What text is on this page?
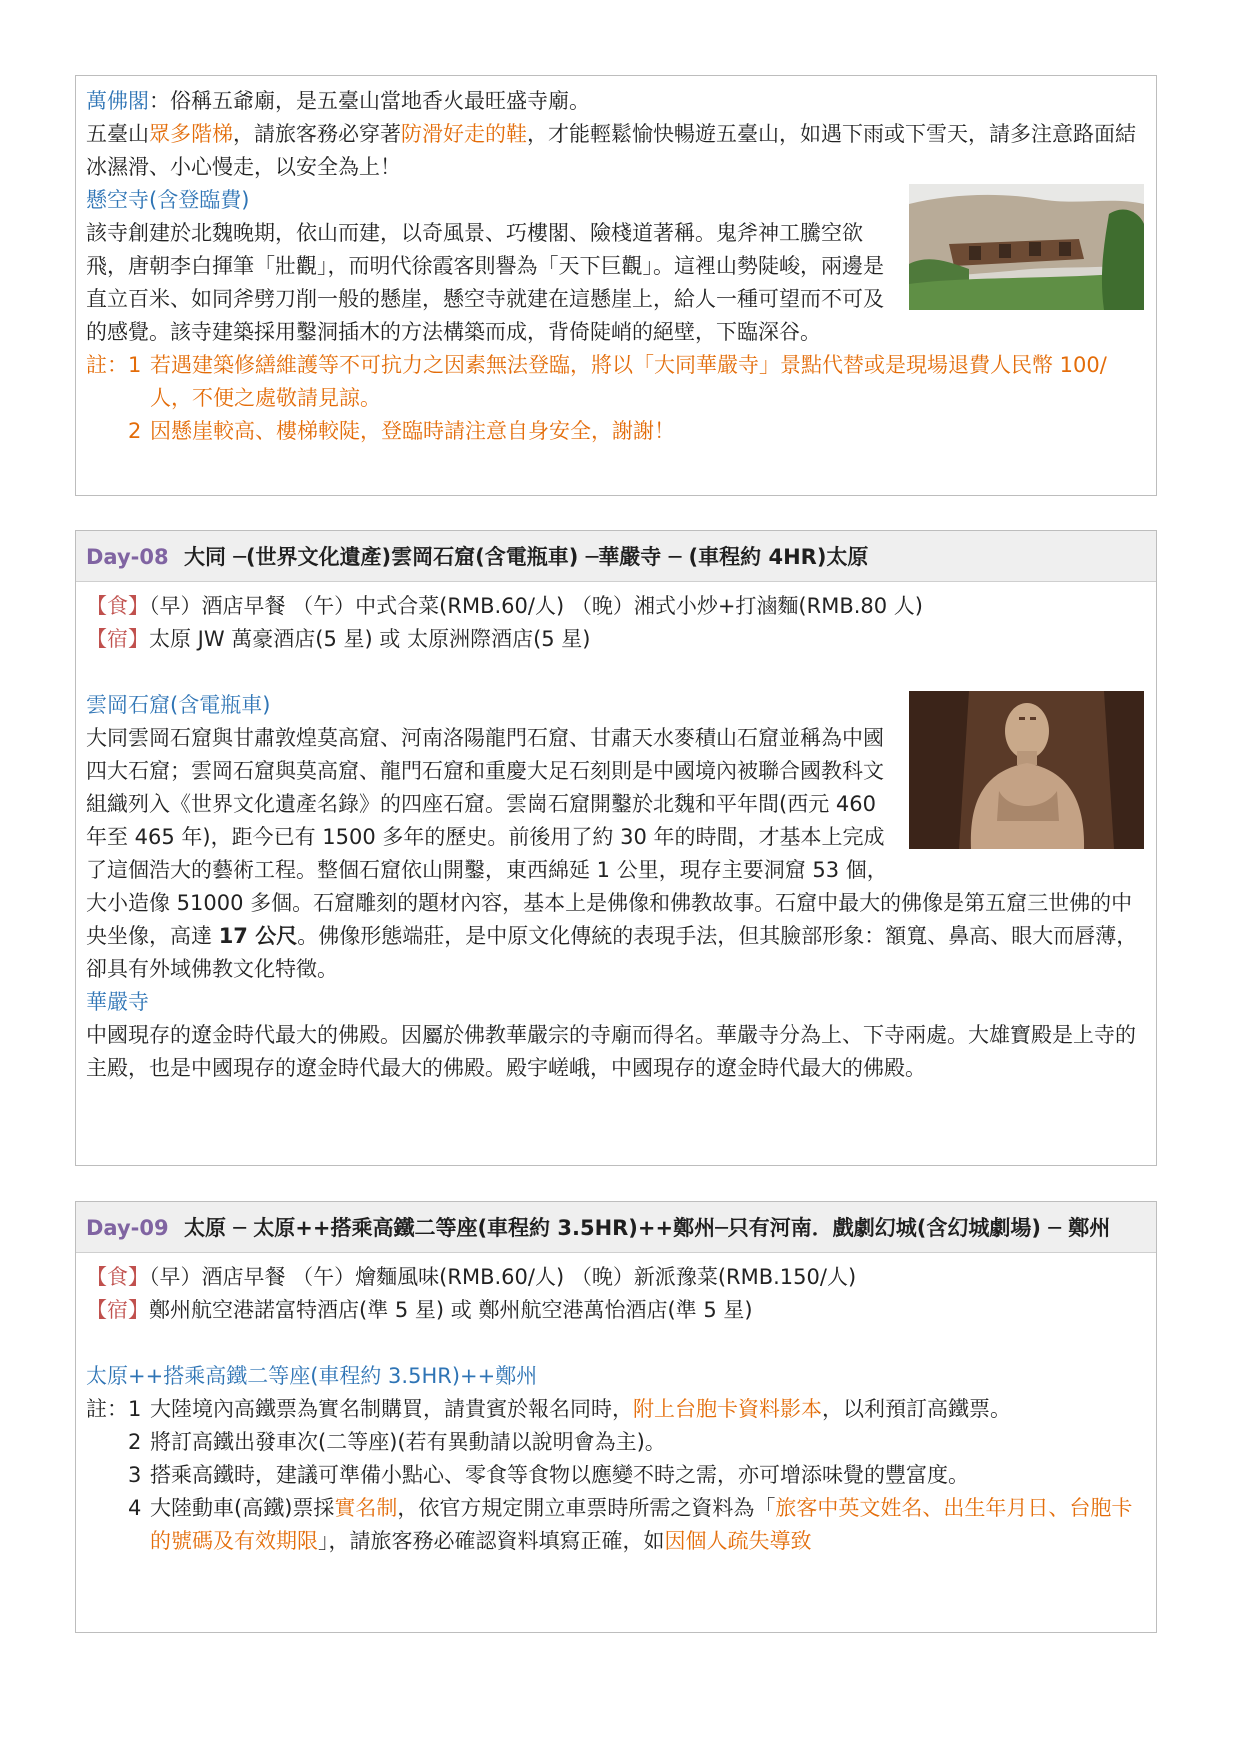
萬佛閣：俗稱五爺廟，是五臺山當地香火最旺盛寺廟。

五臺山眾多階梯，請旅客務必穿著防滑好走的鞋，才能輕鬆愉快暢遊五臺山，如遇下雨或下雪天，請多注意路面結冰濕滑、小心慢走，以安全為上！

懸空寺(含登臨費)

該寺創建於北魏晚期，依山而建，以奇風景、巧樓閣、險棧道著稱。鬼斧神工騰空欲飛，唐朝李白揮筆「壯觀」，而明代徐霞客則譽為「天下巨觀」。這裡山勢陡峻，兩邊是直立百米、如同斧劈刀削一般的懸崖，懸空寺就建在這懸崖上，給人一種可望而不可及的感覺。該寺建築採用鑿洞插木的方法構築而成，背倚陡峭的絕壁，下臨深谷。

註： 1 若遇建築修繕維護等不可抗力之因素無法登臨，將以「大同華嚴寺」景點代替或是現場退費人民幣 100/人，不便之處敬請見諒。
2 因懸崖較高、樓梯較陡，登臨時請注意自身安全，謝謝！
Day-08 大同 ─(世界文化遺產)雲岡石窟(含電瓶車) ─華嚴寺 ─ (車程約 4HR)太原

【食】（早）酒店早餐 （午）中式合菜(RMB.60/人) （晚）湘式小炒+打滷麵(RMB.80 人)

【宿】太原 JW 萬豪酒店(5 星) 或 太原洲際酒店(5 星)

雲岡石窟(含電瓶車)

大同雲岡石窟與甘肅敦煌莫高窟、河南洛陽龍門石窟、甘肅天水麥積山石窟並稱為中國四大石窟；雲岡石窟與莫高窟、龍門石窟和重慶大足石刻則是中國境內被聯合國教科文組織列入《世界文化遺產名錄》的四座石窟。雲崗石窟開鑿於北魏和平年間(西元 460 年至 465 年)，距今已有 1500 多年的歷史。前後用了約 30 年的時間，才基本上完成了這個浩大的藝術工程。整個石窟依山開鑿，東西綿延 1 公里，現存主要洞窟 53 個，大小造像 51000 多個。石窟雕刻的題材內容，基本上是佛像和佛教故事。石窟中最大的佛像是第五窟三世佛的中央坐像，高達 17 公尺。佛像形態端莊，是中原文化傳統的表現手法，但其臉部形象：額寬、鼻高、眼大而唇薄，卻具有外域佛教文化特徵。

華嚴寺

中國現存的遼金時代最大的佛殿。因屬於佛教華嚴宗的寺廟而得名。華嚴寺分為上、下寺兩處。大雄寶殿是上寺的主殿，也是中國現存的遼金時代最大的佛殿。殿宇嵯峨，中國現存的遼金時代最大的佛殿。

Day-09 太原 ─ 太原++搭乘高鐵二等座(車程約 3.5HR)++鄭州─只有河南．戲劇幻城(含幻城劇場) ─ 鄭州

【食】（早）酒店早餐 （午）燴麵風味(RMB.60/人) （晚）新派豫菜(RMB.150/人)

【宿】鄭州航空港諾富特酒店(準 5 星) 或 鄭州航空港萬怡酒店(準 5 星)

太原++搭乘高鐵二等座(車程約 3.5HR)++鄭州

註： 1 大陸境內高鐵票為實名制購買，請貴賓於報名同時，附上台胞卡資料影本，以利預訂高鐵票。
2 將訂高鐵出發車次(二等座)(若有異動請以說明會為主)。
3 搭乘高鐵時，建議可準備小點心、零食等食物以應變不時之需，亦可增添味覺的豐富度。
4 大陸動車(高鐵)票採實名制，依官方規定開立車票時所需之資料為「旅客中英文姓名、出生年月日、台胞卡的號碼及有效期限」，請旅客務必確認資料填寫正確，如因個人疏失導致
